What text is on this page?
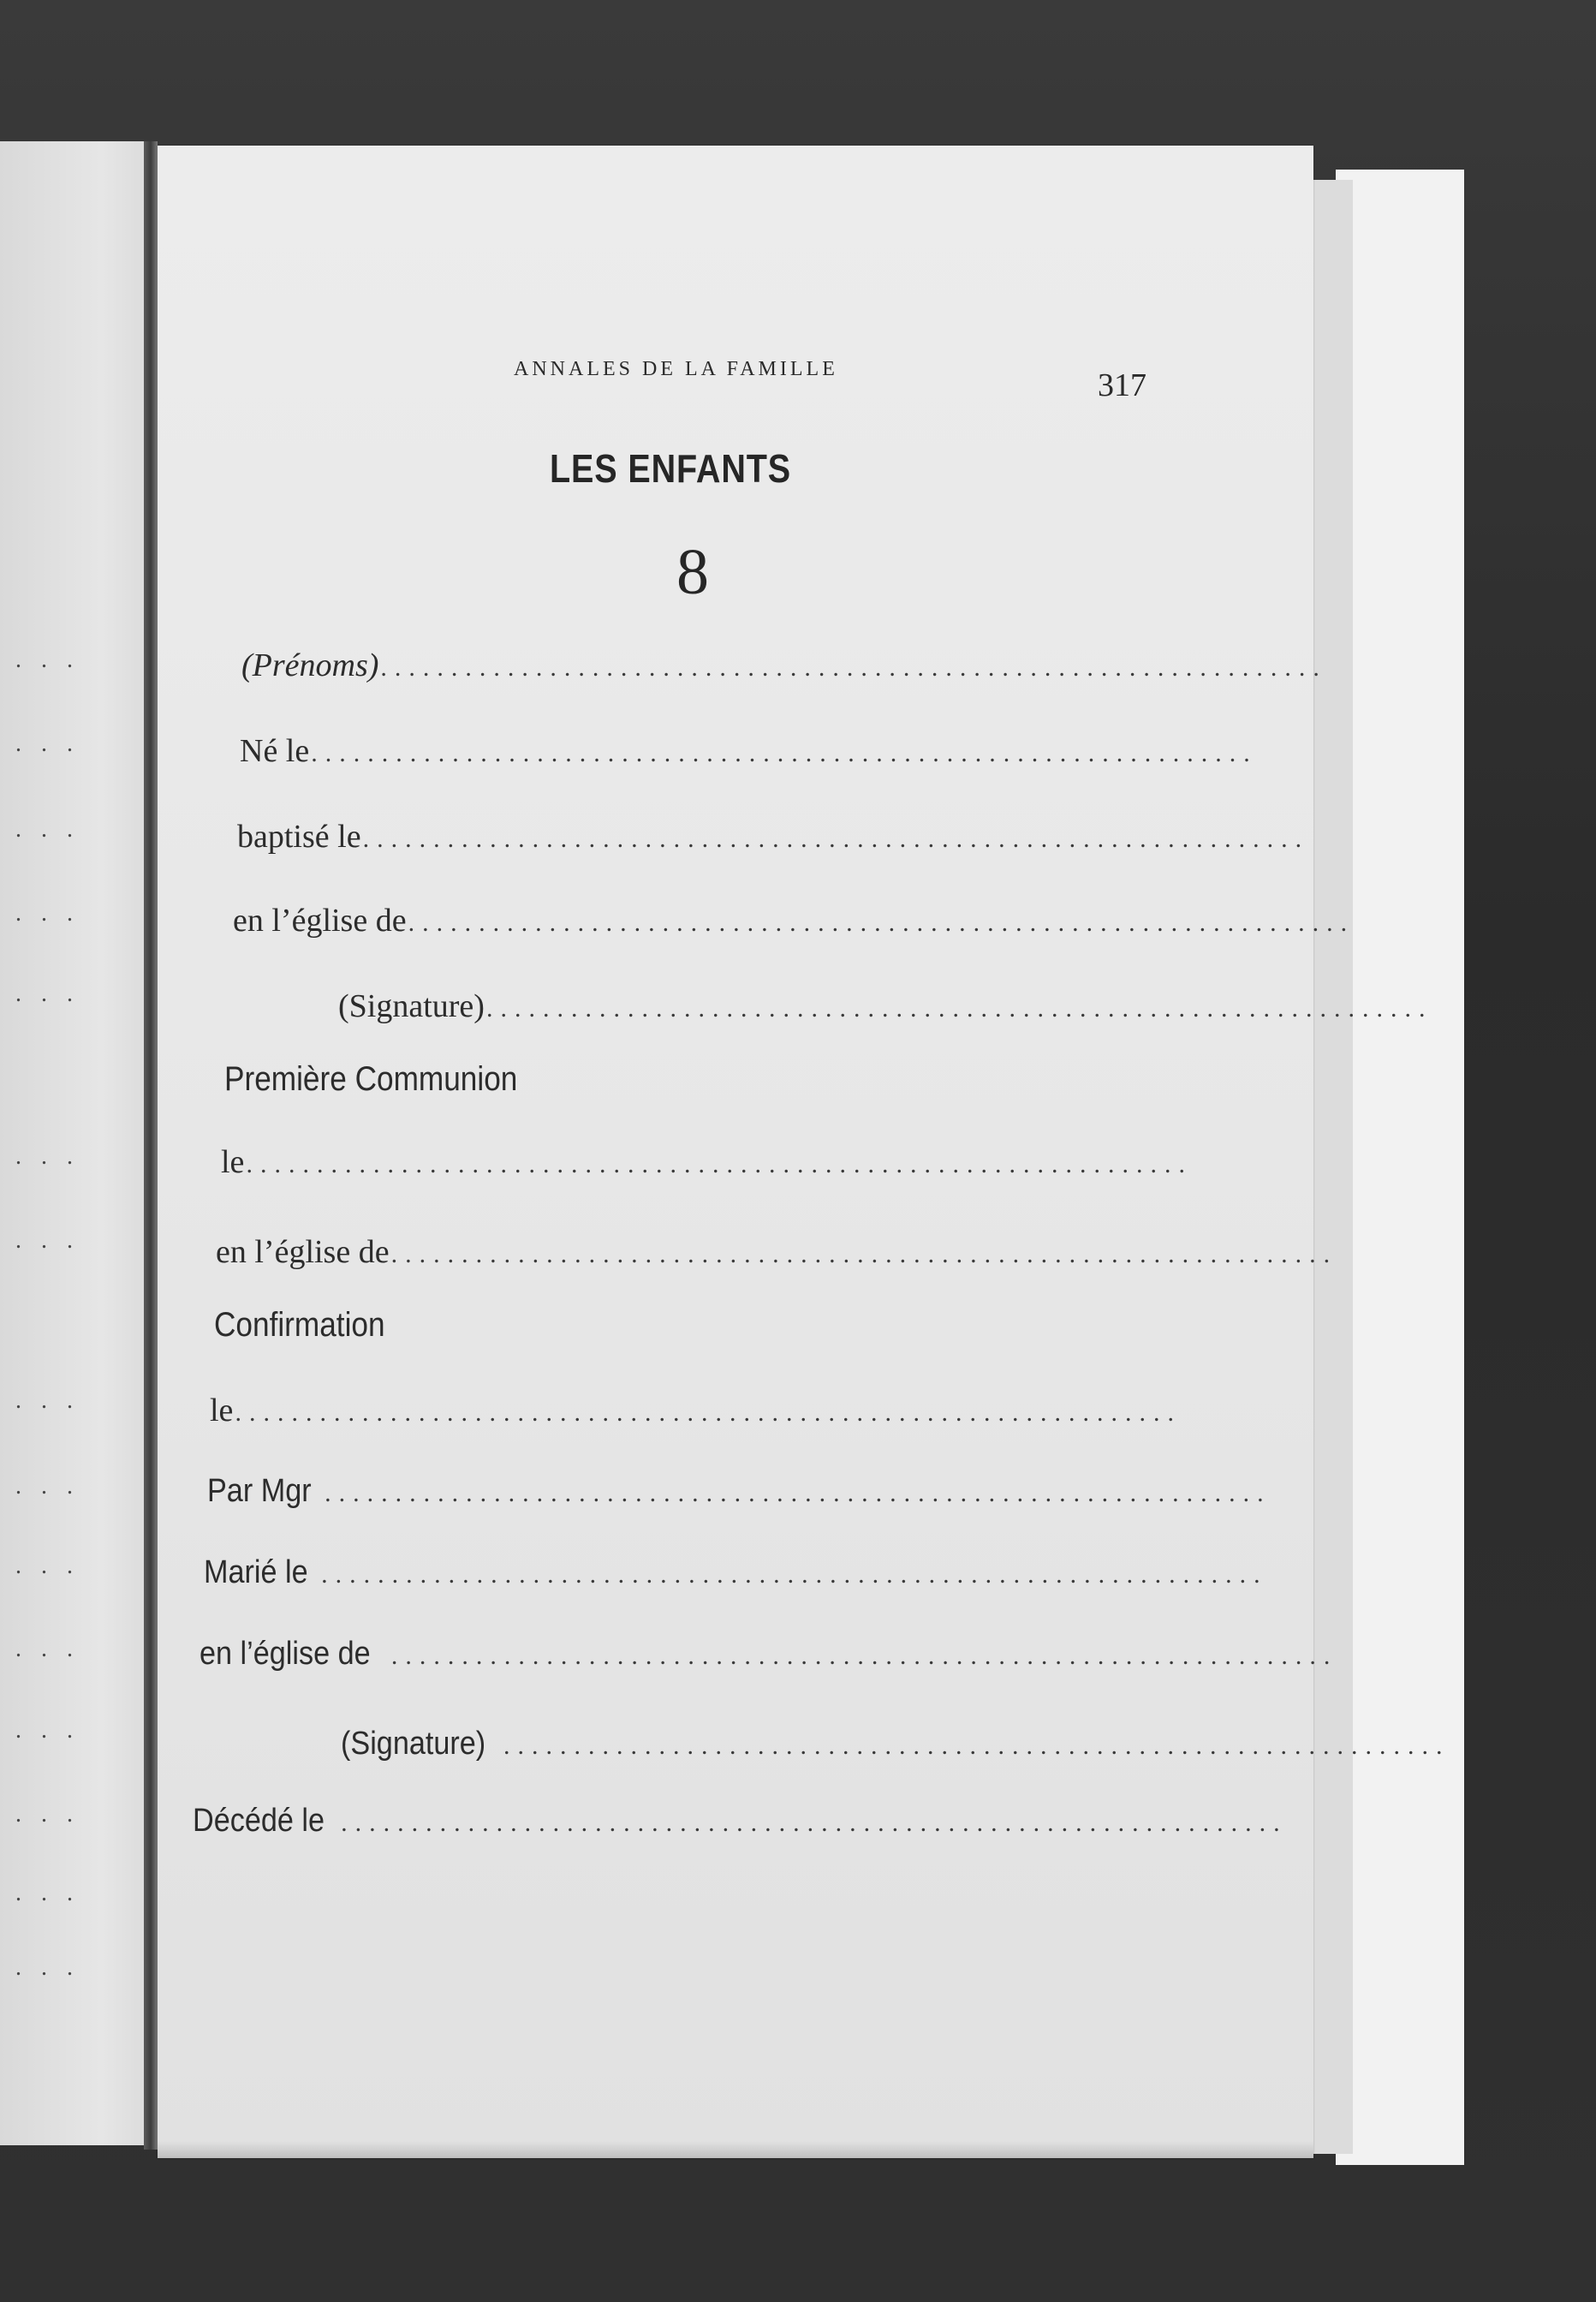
. . .
. . .
. . .
. . .
. . .
. . .
. . .
. . .
. . .
. . .
. . .
. . .
. . .
. . .
. . .
ANNALES DE LA FAMILLE	317
LES ENFANTS
8
(Prénoms) ...................................................................
Né le ...................................................................
baptisé le ...................................................................
en l’église de ...................................................................
(Signature) ...................................................................
Première Communion
le ...................................................................
en l’église de ...................................................................
Confirmation
le ...................................................................
Par Mgr ...................................................................
Marié le ...................................................................
en l’église de ...................................................................
(Signature) ...................................................................
Décédé le ...................................................................
